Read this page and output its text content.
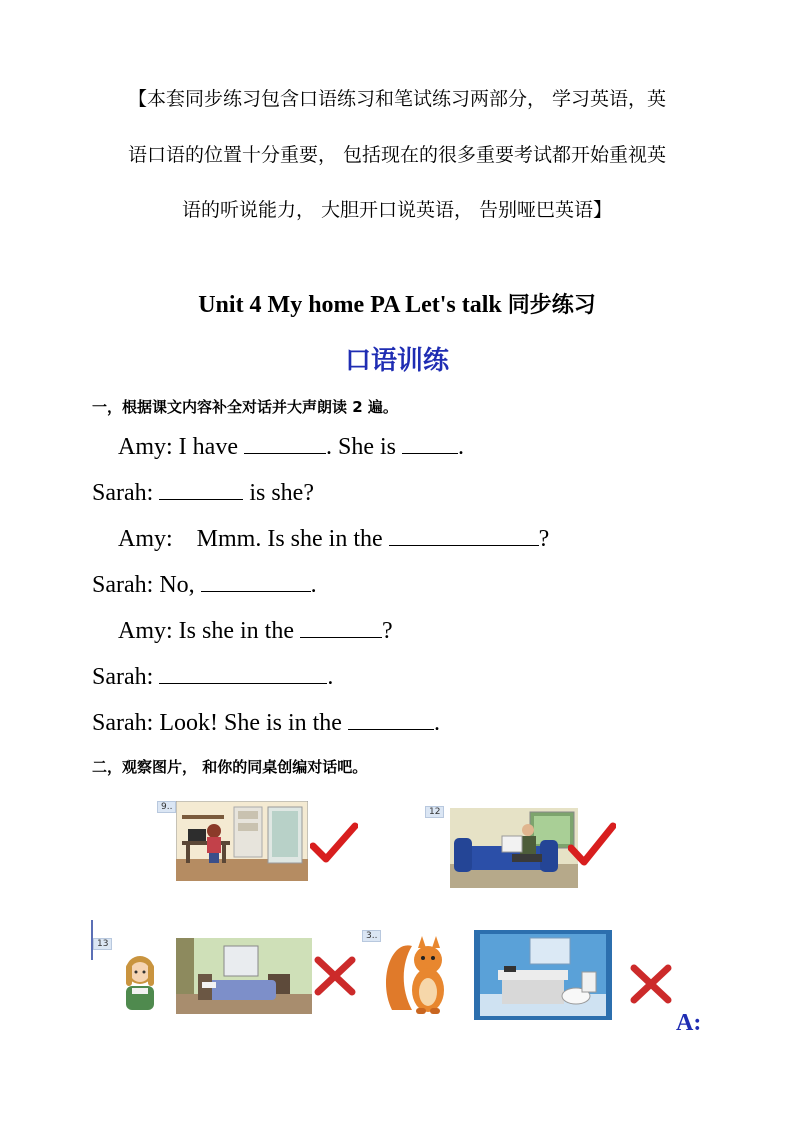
【本套同步练习包含口语练习和笔试练习两部分， 学习英语，英
语口语的位置十分重要， 包括现在的很多重要考试都开始重视英
语的听说能力， 大胆开口说英语， 告别哑巴英语】
Unit 4 My home PA Let's talk 同步练习
口语训练
一，根据课文内容补全对话并大声朗读 2 遍。
Amy: I have	. She is .
Sarah:	is she?
Amy:    Mmm. Is she in the	?
Sarah: No,	.
Amy: Is she in the	?
Sarah:	.
Sarah: Look! She is in the	.
二，观察图片， 和你的同桌创编对话吧。
9..	12
13
3..
A:
